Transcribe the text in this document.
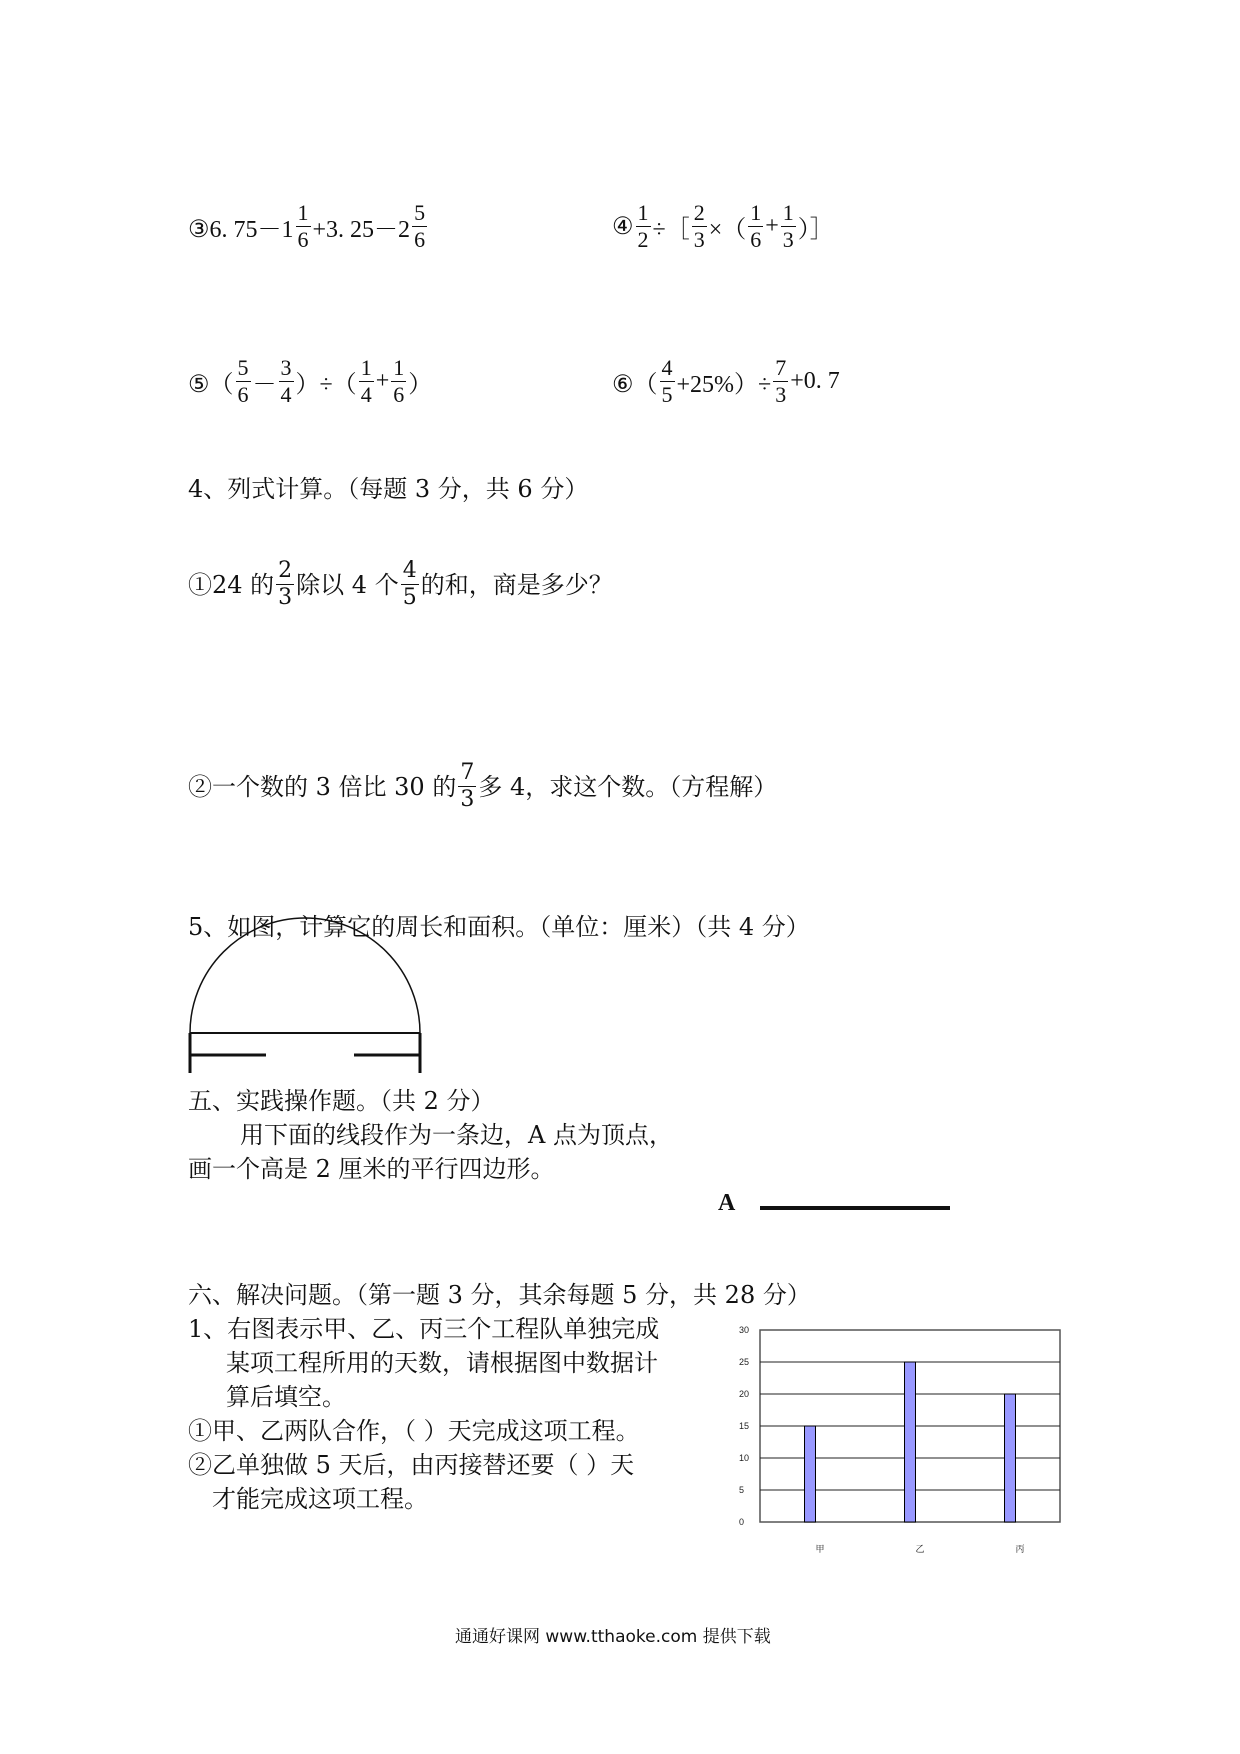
③6. $75-1 \frac{1}{6} +3$. $25-2 \frac{5}{6}$	④ $\frac{1}{2}$ ÷［ $\frac{2}{3}$ ×（ $\frac{1}{6} + \frac{1}{3}$ ）］
⑤（ $\frac{5}{6} - \frac{3}{4}$ ）÷（ $\frac{1}{4} + \frac{1}{6}$ ）	⑥（ $\frac{4}{5} +25\%)\div \frac{7}{3} +0$. 7
4、列式计算。（每题 3 分，共 6 分）
①24 的 $\frac{2}{3}$ 除以 4 个 $\frac{4}{5}$ 的和，商是多少？
②一个数的 3 倍比 30 的 $\frac{7}{3}$ 多 4，求这个数。（方程解）
5、如图，计算它的周长和面积。（单位：厘米）（共 4 分）
五、实践操作题。（共 2 分）
用下面的线段作为一条边，A 点为顶点，
画一个高是 2 厘米的平行四边形。
A
六、解决问题。（第一题 3 分，其余每题 5 分，共 28 分）
1、右图表示甲、乙、丙三个工程队单独完成
某项工程所用的天数，请根据图中数据计
算后填空。
①甲、乙两队合作，（ ）天完成这项工程。
②乙单独做 5 天后，由丙接替还要（ ）天
才能完成这项工程。
0
5
10
15
20
25
30
甲	乙	丙
通通好课网 www.tthaoke.com 提供下载
